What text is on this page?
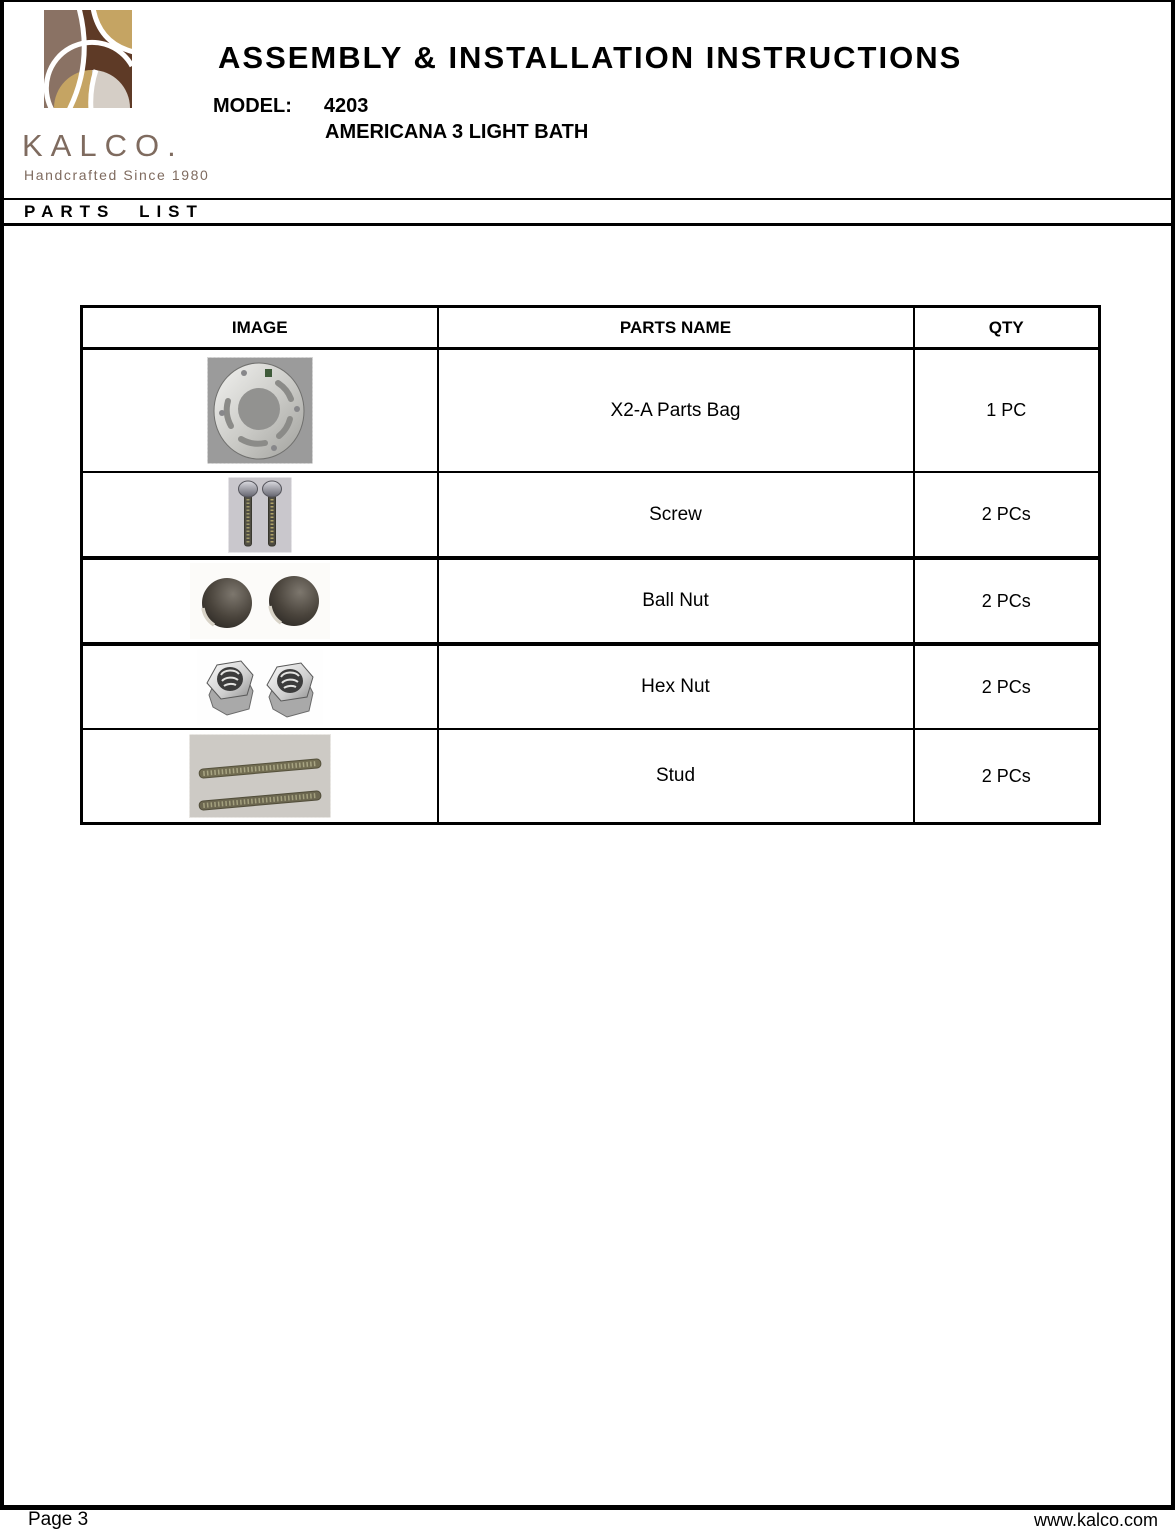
KALCO.
Handcrafted Since 1980
ASSEMBLY & INSTALLATION INSTRUCTIONS
MODEL: 4203
AMERICANA 3 LIGHT BATH
PARTS LIST
IMAGE	PARTS NAME	QTY

	X2-A Parts Bag	1 PC

	Screw	2 PCs

	Ball Nut	2 PCs

	Hex Nut	2 PCs

	Stud	2 PCs
Page 3	www.kalco.com
